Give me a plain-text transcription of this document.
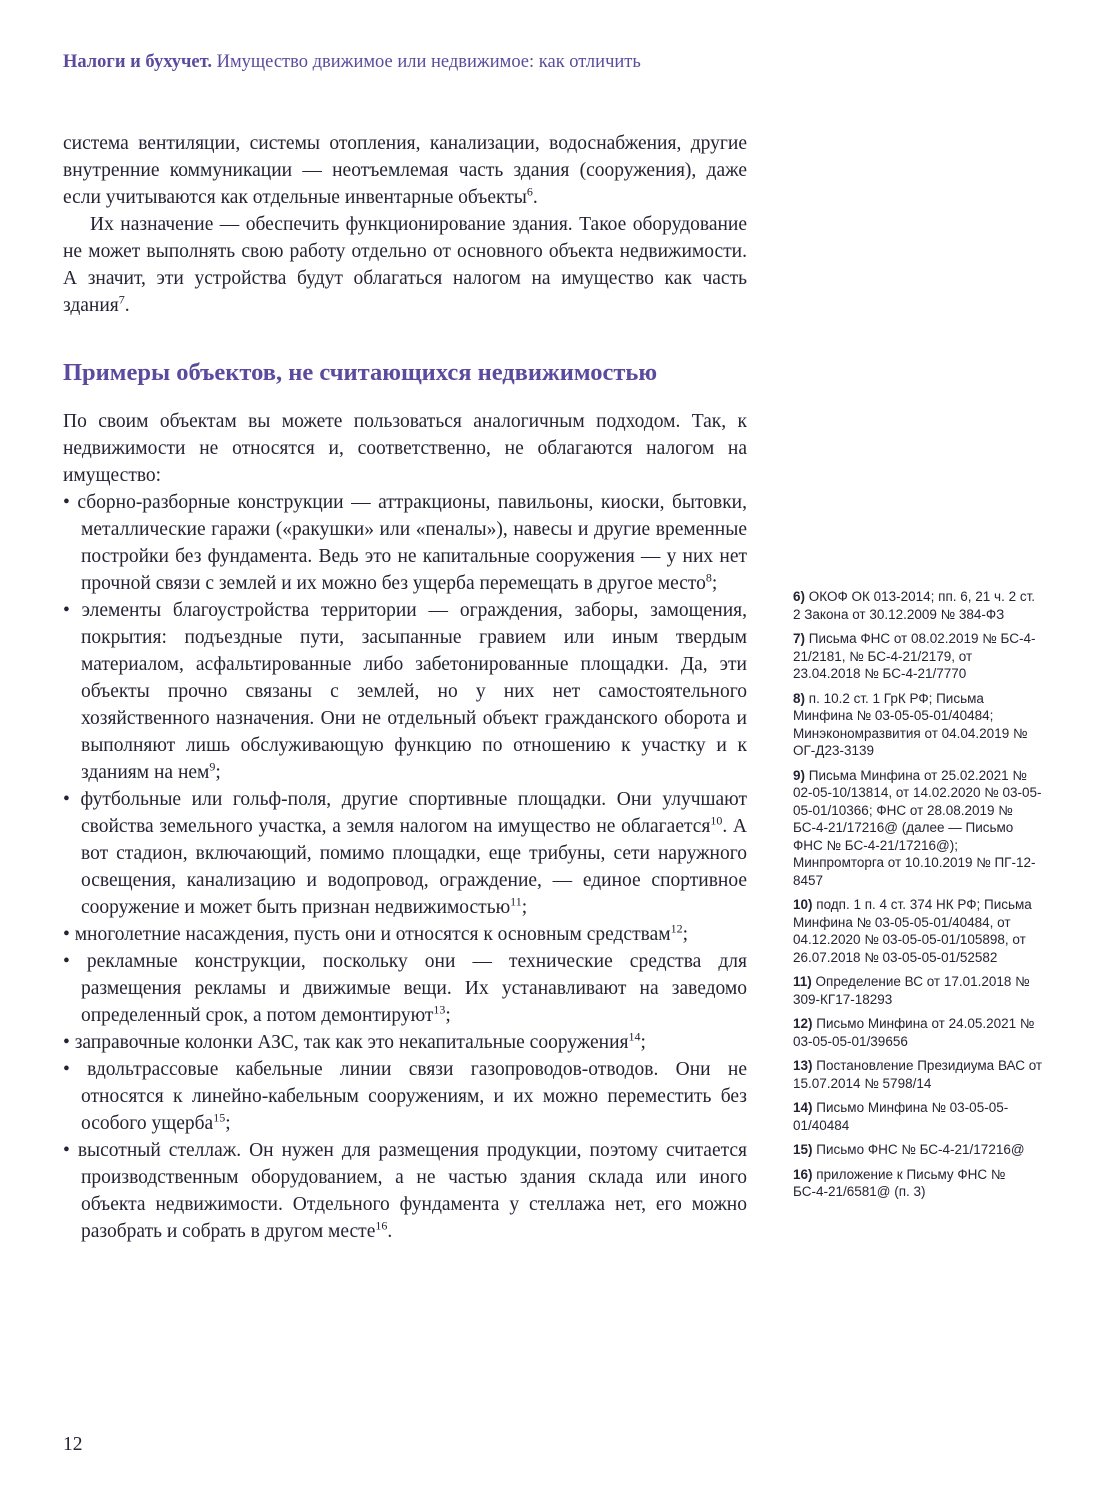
Налоги и бухучет. Имущество движимое или недвижимое: как отличить

система вентиляции, системы отопления, канализации, водоснабжения, другие внутренние коммуникации — неотъемлемая часть здания (сооружения), даже если учитываются как отдельные инвентарные объекты$^6$.

Их назначение — обеспечить функционирование здания. Такое оборудование не может выполнять свою работу отдельно от основного объекта недвижимости. А значит, эти устройства будут облагаться налогом на имущество как часть здания$^7$.

Примеры объектов, не считающихся недвижимостью

По своим объектам вы можете пользоваться аналогичным подходом. Так, к недвижимости не относятся и, соответственно, не облагаются налогом на имущество:

• сборно-разборные конструкции — аттракционы, павильоны, киоски, бытовки, металлические гаражи («ракушки» или «пеналы»), навесы и другие временные постройки без фундамента. Ведь это не капитальные сооружения — у них нет прочной связи с землей и их можно без ущерба перемещать в другое место$^8$;
• элементы благоустройства территории — ограждения, заборы, замощения, покрытия: подъездные пути, засыпанные гравием или иным твердым материалом, асфальтированные либо забетонированные площадки. Да, эти объекты прочно связаны с землей, но у них нет самостоятельного хозяйственного назначения. Они не отдельный объект гражданского оборота и выполняют лишь обслуживающую функцию по отношению к участку и к зданиям на нем$^9$;
• футбольные или гольф-поля, другие спортивные площадки. Они улучшают свойства земельного участка, а земля налогом на имущество не облагается$^{10}$. А вот стадион, включающий, помимо площадки, еще трибуны, сети наружного освещения, канализацию и водопровод, ограждение, — единое спортивное сооружение и может быть признан недвижимостью$^{11}$;
• многолетние насаждения, пусть они и относятся к основным средствам$^{12}$;
• рекламные конструкции, поскольку они — технические средства для размещения рекламы и движимые вещи. Их устанавливают на заведомо определенный срок, а потом демонтируют$^{13}$;
• заправочные колонки АЗС, так как это некапитальные сооружения$^{14}$;
• вдольтрассовые кабельные линии связи газопроводов-отводов. Они не относятся к линейно-кабельным сооружениям, и их можно переместить без особого ущерба$^{15}$;
• высотный стеллаж. Он нужен для размещения продукции, поэтому считается производственным оборудованием, а не частью здания склада или иного объекта недвижимости. Отдельного фундамента у стеллажа нет, его можно разобрать и собрать в другом месте$^{16}$.
6) ОКОФ ОК 013-2014; пп. 6, 21 ч. 2 ст. 2 Закона от 30.12.2009 № 384-ФЗ
7) Письма ФНС от 08.02.2019 № БС-4-21/2181, № БС-4-21/2179, от 23.04.2018 № БС-4-21/7770
8) п. 10.2 ст. 1 ГрК РФ; Письма Минфина № 03-05-05-01/40484; Минэкономразвития от 04.04.2019 № ОГ-Д23-3139
9) Письма Минфина от 25.02.2021 № 02-05-10/13814, от 14.02.2020 № 03-05-05-01/10366; ФНС от 28.08.2019 № БС-4-21/17216@ (далее — Письмо ФНС № БС-4-21/17216@); Минпромторга от 10.10.2019 № ПГ-12-8457
10) подп. 1 п. 4 ст. 374 НК РФ; Письма Минфина № 03-05-05-01/40484, от 04.12.2020 № 03-05-05-01/105898, от 26.07.2018 № 03-05-05-01/52582
11) Определение ВС от 17.01.2018 № 309-КГ17-18293
12) Письмо Минфина от 24.05.2021 № 03-05-05-01/39656
13) Постановление Президиума ВАС от 15.07.2014 № 5798/14
14) Письмо Минфина № 03-05-05-01/40484
15) Письмо ФНС № БС-4-21/17216@
16) приложение к Письму ФНС № БС-4-21/6581@ (п. 3)
12
